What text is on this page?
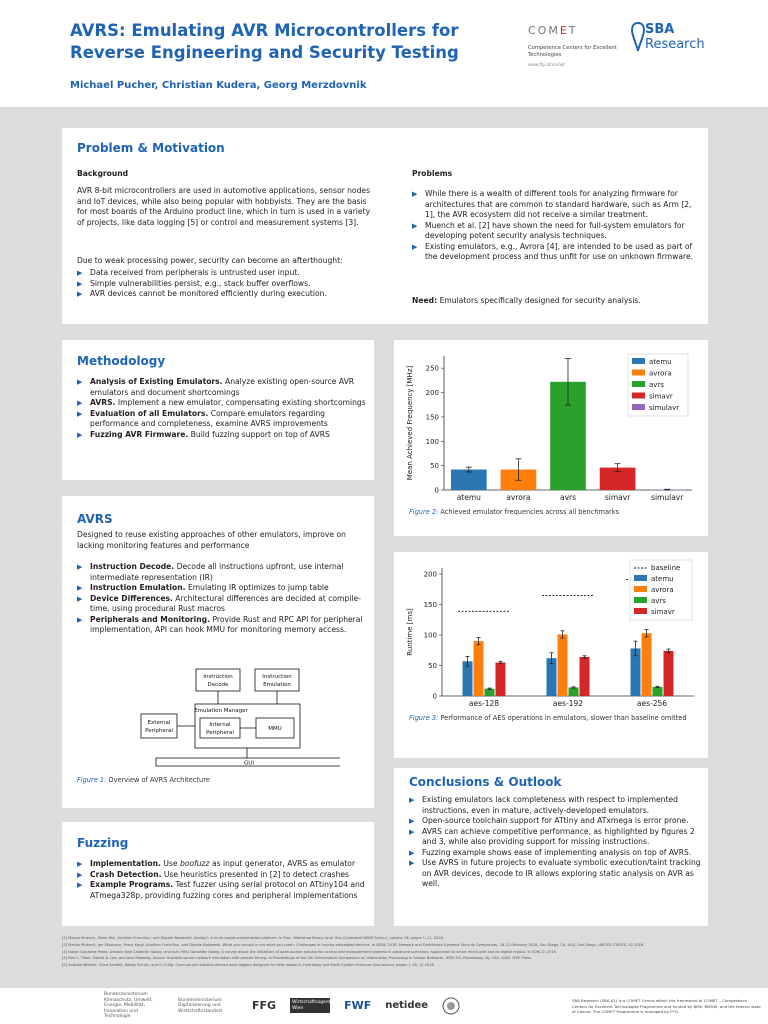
AVRS: Emulating AVR Microcontrollers for Reverse Engineering and Security Testing
Michael Pucher, Christian Kudera, Georg Merzdovnik
COMET
Competence Centers for Excellent Technologies
www.ffg.at/comet
SBA
Research
Problem & Motivation
Background
AVR 8-bit microcontrollers are used in automotive applications, sensor nodes and IoT devices, while also being popular with hobbyists. They are the basis for most boards of the Arduino product line, which in turn is used in a variety of projects, like data logging [5] or control and measurement systems [3].
Due to weak processing power, security can become an afterthought:
▶ Data received from peripherals is untrusted user input.
▶ Simple vulnerabilities persist, e.g., stack buffer overflows.
▶ AVR devices cannot be monitored efficiently during execution.
Problems
▶ While there is a wealth of different tools for analyzing firmware for architectures that are common to standard hardware, such as Arm [2, 1], the AVR ecosystem did not receive a similar treatment.
▶ Muench et al. [2] have shown the need for full-system emulators for developing potent security analysis techniques.
▶ Existing emulators, e.g., Avrora [4], are intended to be used as part of the development process and thus unfit for use on unknown firmware.
Need: Emulators specifically designed for security analysis.
Methodology
▶ Analysis of Existing Emulators. Analyze existing open-source AVR emulators and document shortcomings
▶ AVRS. Implement a new emulator, compensating existing shortcomings
▶ Evaluation of all Emulators. Compare emulators regarding performance and completeness, examine AVRS improvements
▶ Fuzzing AVR Firmware. Build fuzzing support on top of AVRS
AVRS
Designed to reuse existing approaches of other emulators, improve on lacking monitoring features and performance
▶ Instruction Decode. Decode all instructions upfront, use internal intermediate representation (IR)
▶ Instruction Emulation. Emulating IR optimizes to jump table
▶ Device Differences. Architectural differences are decided at compile-time, using procedural Rust macros
▶ Peripherals and Monitoring. Provide Rust and RPC API for peripheral implementation, API can hook MMU for monitoring memory access.
Instruction
Decode
Instruction
Emulation
Emulation Manager
Internal
Peripheral
MMU
External
Peripheral
GUI
Figure 1: Overview of AVRS Architecture
Fuzzing
▶ Implementation. Use boofuzz as input generator, AVRS as emulator
▶ Crash Detection. Use heuristics presented in [2] to detect crashes
▶ Example Programs. Test fuzzer using serial protocol on ATtiny104 and ATmega328p, providing fuzzing cores and peripheral implementations
0
50
100
150
200
250
Mean Achieved Frequency [MHz]
atemu	avrora	avrs	simavr	simulavr
atemu
avrora
avrs
simavr
simulavr
Figure 2: Achieved emulator frequencies across all benchmarks
0
50
100
150
200
Runtime [ms]
aes-128	aes-192	aes-256
baseline
atemu
avrora
avrs
simavr
Figure 3: Performance of AES operations in emulators, slower than baseline omitted
Conclusions & Outlook
▶ Existing emulators lack completeness with respect to implemented instructions, even in mature, actively-developed emulators.
▶ Open-source toolchain support for ATtiny and ATxmega is error prone.
▶ AVRS can achieve competitive performance, as highlighted by figures 2 and 3, while also providing support for missing instructions.
▶ Fuzzing example shows ease of implementing analysis on top of AVRS.
▶ Use AVRS in future projects to evaluate symbolic execution/taint tracking on AVR devices, decode to IR allows exploring static analysis on AVR as well.
[1] Marius Muench, Dario Nisi, Aurélien Francillon, and Davide Balzarotti. Avatar2: A multi-target orchestration platform. In Proc. Workshop Binary Anal. Res.(Colocated NDSS Symp.), volume 18, pages 1–11, 2018.
[2] Marius Muench, Jan Stijohann, Frank Kargl, Aurélien Francillon, and Davide Balzarotti. What you corrupt is not what you crash: Challenges in fuzzing embedded devices. In NDSS 2018, Network and Distributed Systems Security Symposium, 18-21 February 2018, San Diego, CA, USA, San Diego, UNITED STATES, 02 2018.
[3] Isabel Gonzalez Perez, Antonio José Calderón Godoy, and Juan Félix González Godoy. A survey about the utilization of open-source arduino for control and measurement systems in advanced scenarios. application to smart micro-grid and its digital replica. In ICINCO, 2019.
[4] Ben L. Titzer, Daniel K. Lee, and Jens Palsberg. Avrora: Scalable sensor network simulation with precise timing. In Proceedings of the 4th International Symposium on Information Processing in Sensor Networks, IPSN '05, Piscataway, NJ, USA, 2005. IEEE Press.
[5] Andrew Wickert, Chad Sandell, Bobby Schulz, and G.-H Ng. Open-source arduino-derived data loggers designed for field research. Hydrology and Earth System Sciences Discussions, pages 1–16, 12 2018.
Bundesministerium Klimaschutz, Umwelt, Energie, Mobilität, Innovation und Technologie
Bundesministerium Digitalisierung und Wirtschaftsstandort	FFG	Wirtschaftsagentur Wien	FWF netidee	SBA Research (SBA-K1) is a COMET Centre within the framework of COMET – Competence Centers for Excellent Technologies Programme and funded by BMK, BMDW, and the federal state of Vienna. The COMET Programme is managed by FFG.
